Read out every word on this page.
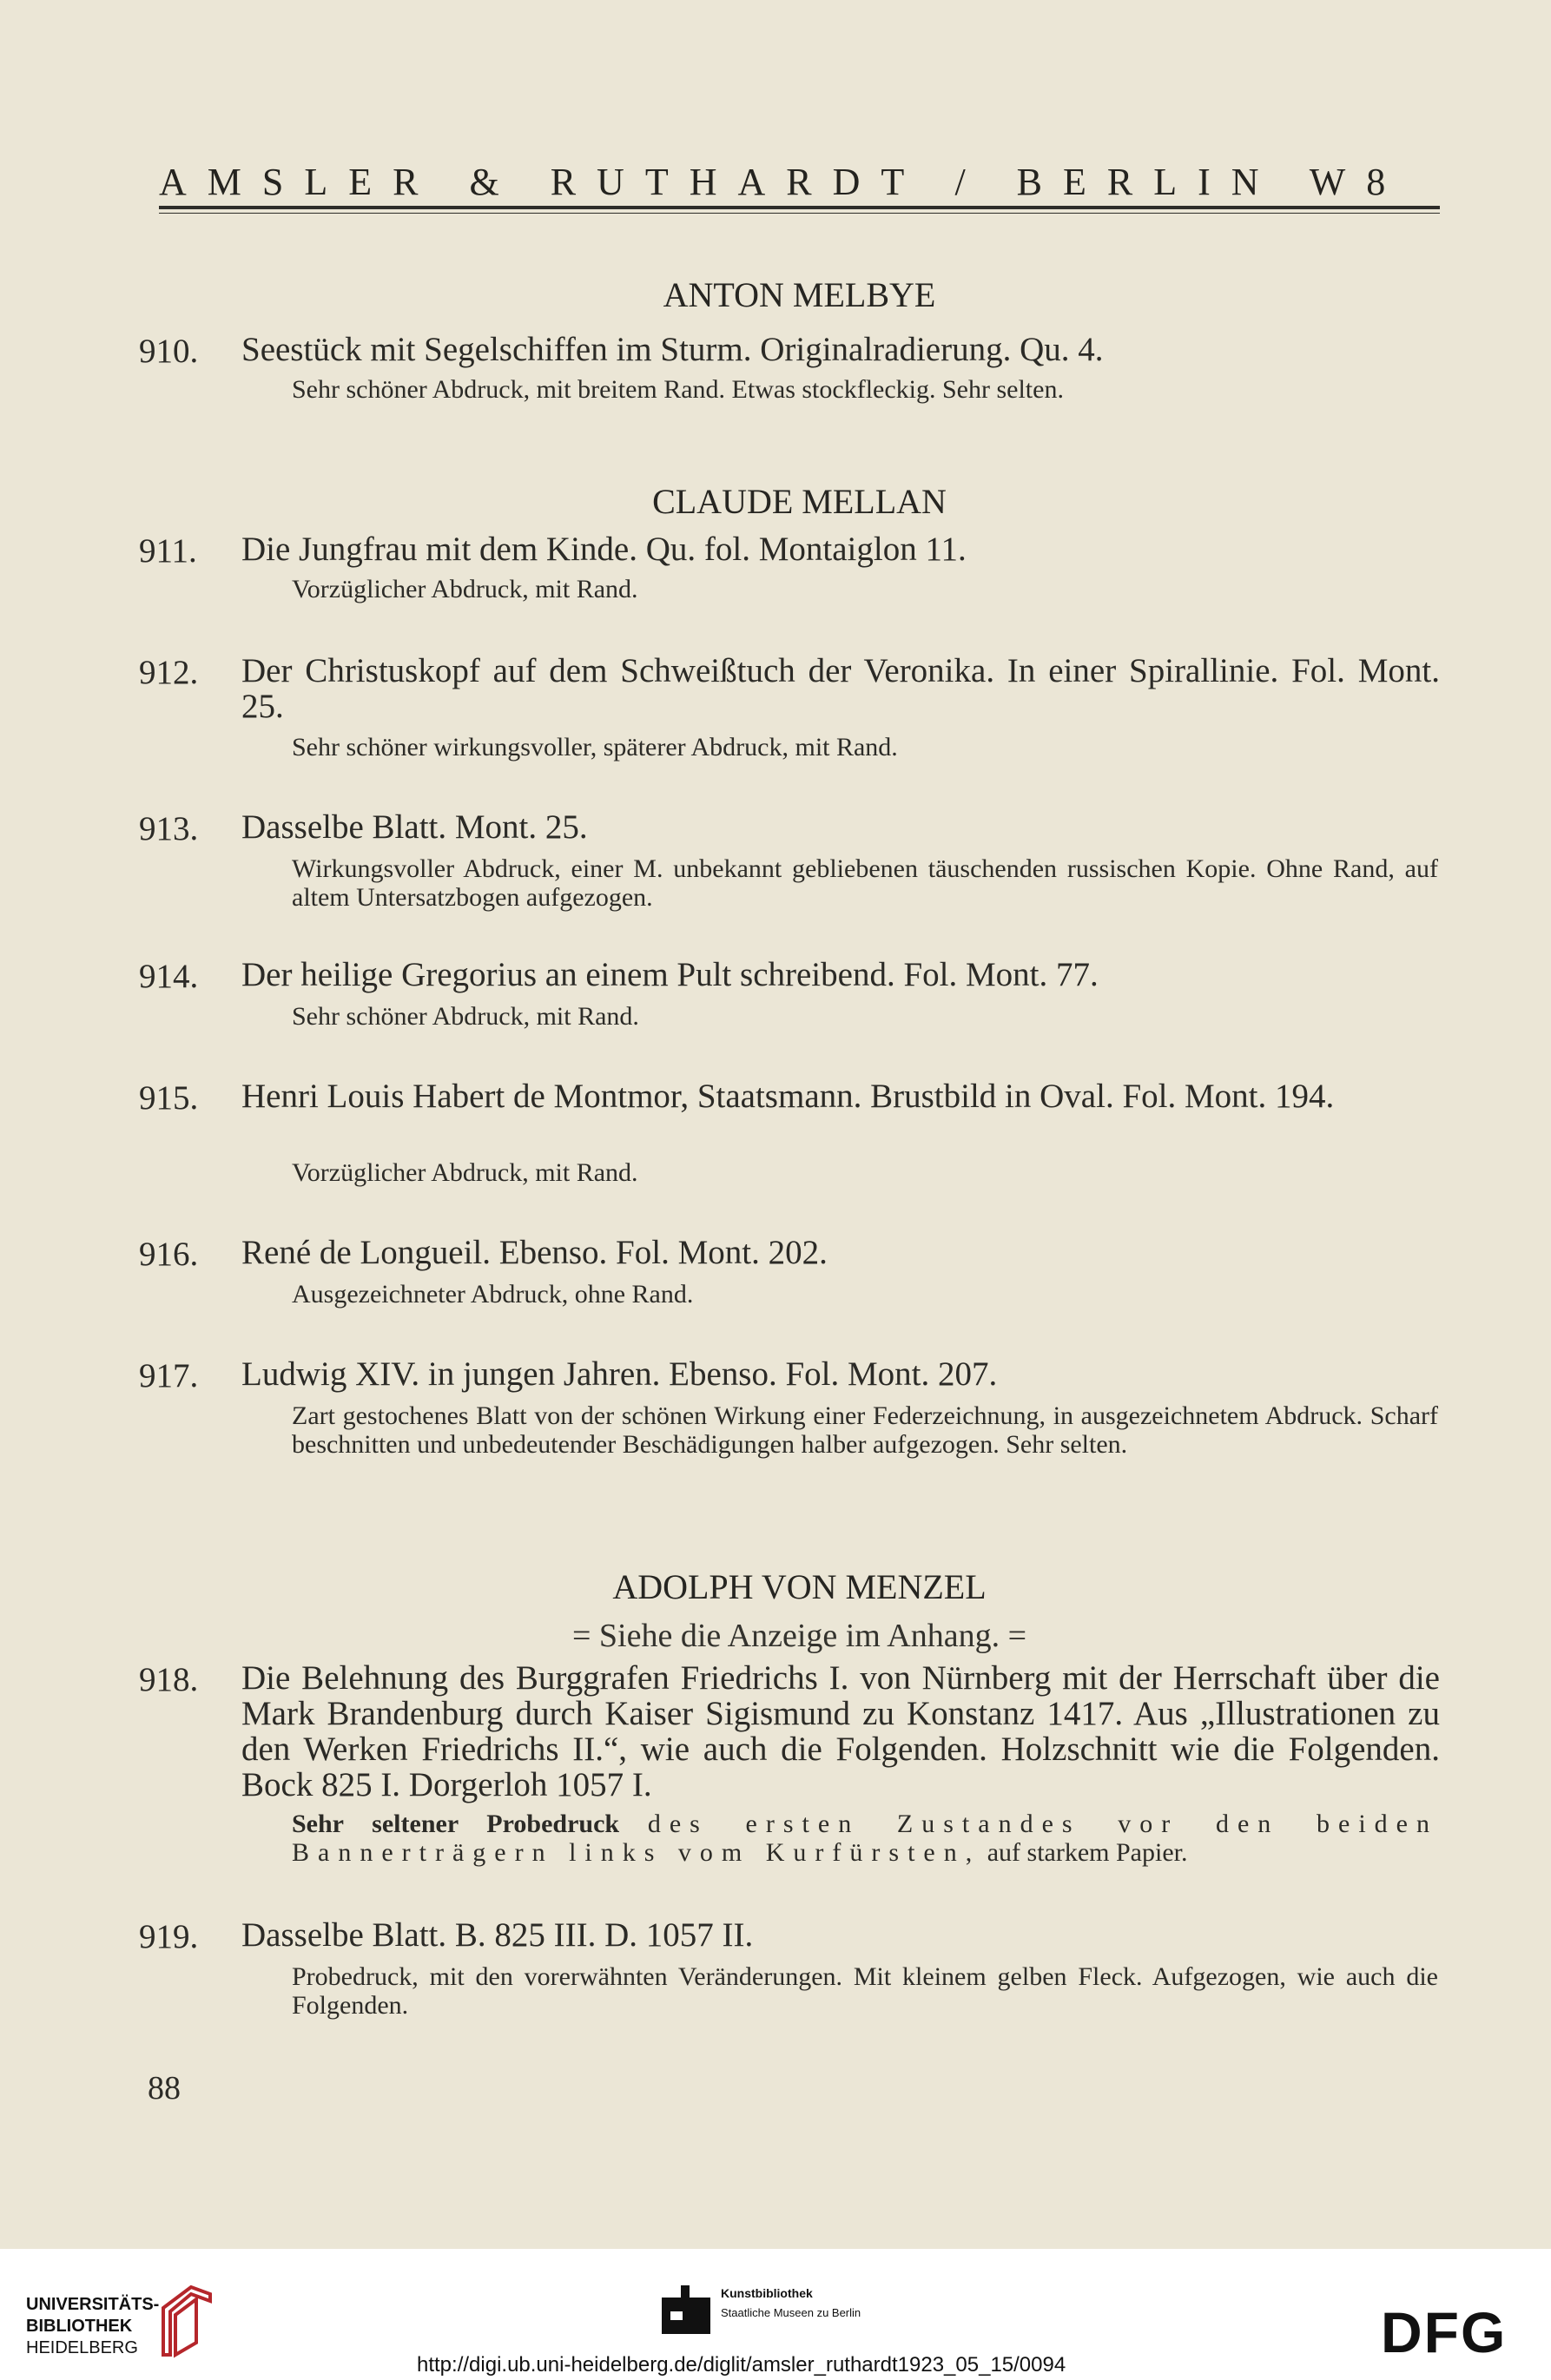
AMSLER & RUTHARDT / BERLIN W8
ANTON MELBYE
910.	Seestück mit Segelschiffen im Sturm. Originalradierung. Qu. 4.
Sehr schöner Abdruck, mit breitem Rand. Etwas stockfleckig. Sehr selten.
CLAUDE MELLAN
911.	Die Jungfrau mit dem Kinde. Qu. fol. Montaiglon 11.
Vorzüglicher Abdruck, mit Rand.
912.	Der Christuskopf auf dem Schweißtuch der Veronika. In einer Spirallinie. Fol. Mont. 25.
Sehr schöner wirkungsvoller, späterer Abdruck, mit Rand.
913.	Dasselbe Blatt. Mont. 25.
Wirkungsvoller Abdruck, einer M. unbekannt gebliebenen täuschenden russischen Kopie. Ohne Rand, auf altem Untersatzbogen aufgezogen.
914.	Der heilige Gregorius an einem Pult schreibend. Fol. Mont. 77.
Sehr schöner Abdruck, mit Rand.
915.	Henri Louis Habert de Montmor, Staatsmann. Brustbild in Oval. Fol. Mont. 194.
Vorzüglicher Abdruck, mit Rand.
916.	René de Longueil. Ebenso. Fol. Mont. 202.
Ausgezeichneter Abdruck, ohne Rand.
917.	Ludwig XIV. in jungen Jahren. Ebenso. Fol. Mont. 207.
Zart gestochenes Blatt von der schönen Wirkung einer Federzeichnung, in ausgezeichnetem Abdruck. Scharf beschnitten und unbedeutender Beschädigungen halber aufgezogen. Sehr selten.
ADOLPH VON MENZEL
= Siehe die Anzeige im Anhang. =
918.	Die Belehnung des Burggrafen Friedrichs I. von Nürnberg mit der Herrschaft über die Mark Brandenburg durch Kaiser Sigismund zu Konstanz 1417. Aus „Illustrationen zu den Werken Friedrichs II.“, wie auch die Folgenden. Holzschnitt wie die Folgenden. Bock 825 I. Dorgerloh 1057 I.
Sehr seltener Probedruck des ersten Zustandes vor den beiden Bannerträgern links vom Kurfürsten, auf starkem Papier.
919.	Dasselbe Blatt. B. 825 III. D. 1057 II.
Probedruck, mit den vorerwähnten Veränderungen. Mit kleinem gelben Fleck. Aufgezogen, wie auch die Folgenden.
88
UNIVERSITÄTS-
BIBLIOTHEK
HEIDELBERG
Kunstbibliothek
Staatliche Museen zu Berlin	DFG
http://digi.ub.uni-heidelberg.de/diglit/amsler_ruthardt1923_05_15/0094
